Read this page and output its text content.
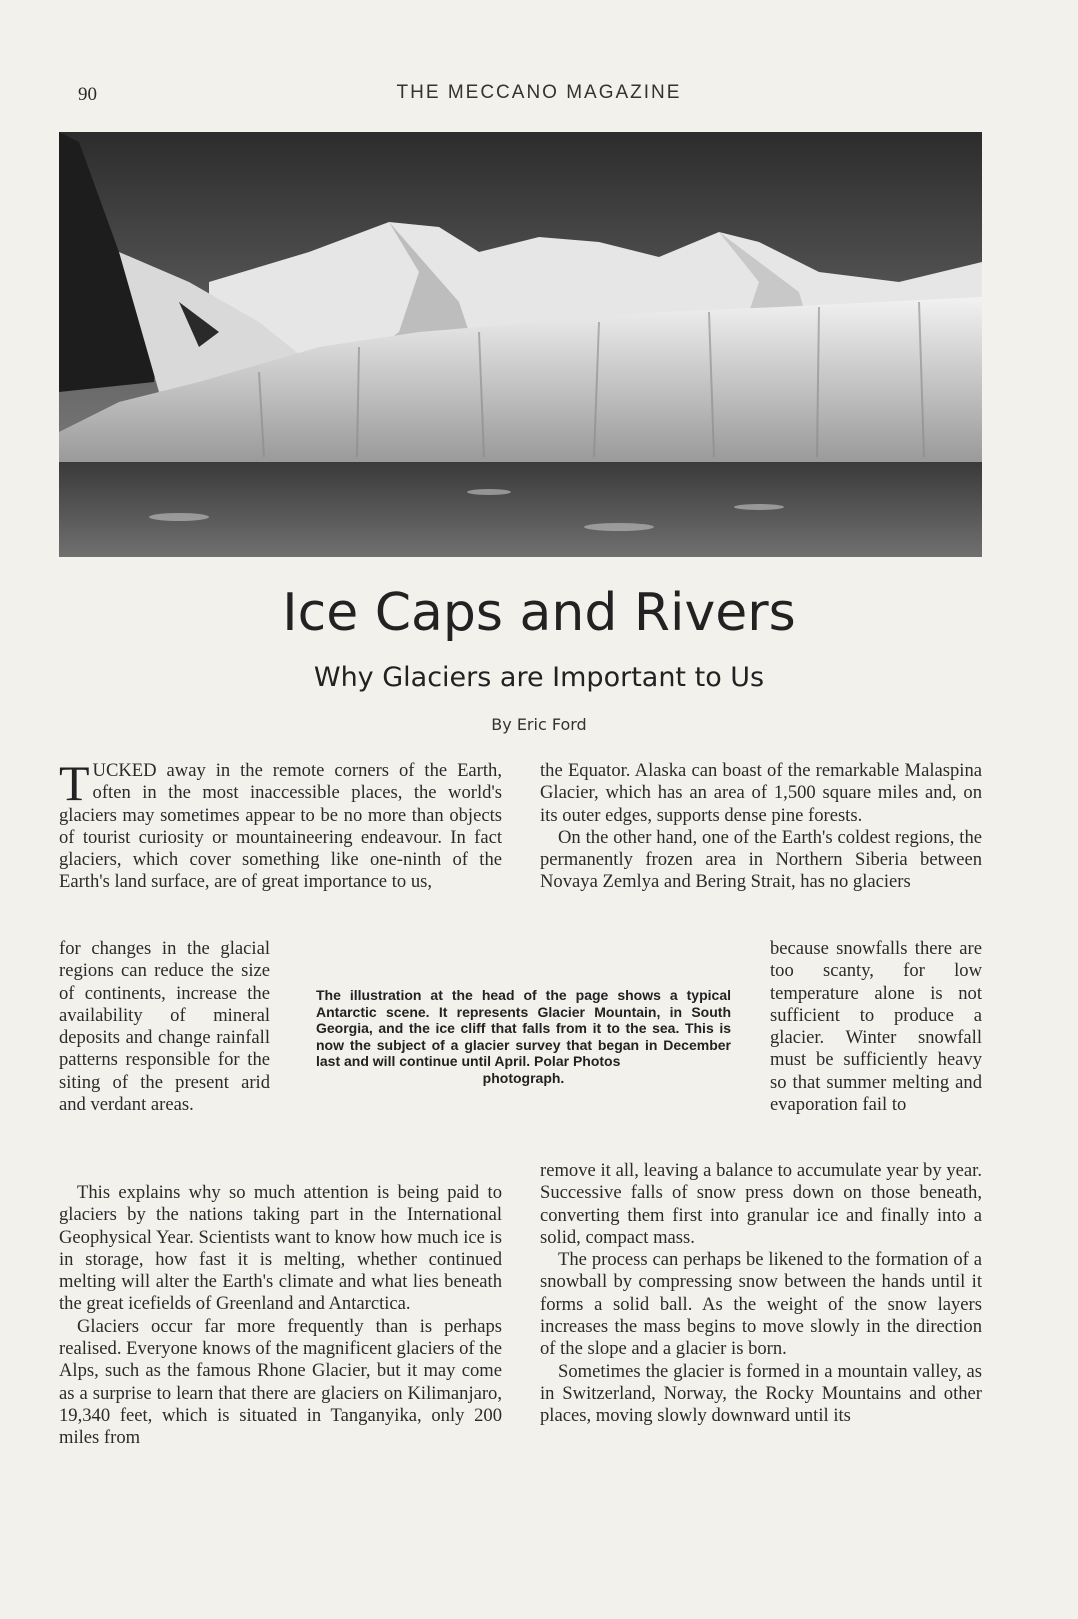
90	THE MECCANO MAGAZINE
Ice Caps and Rivers
Why Glaciers are Important to Us
By Eric Ford

TUCKED away in the remote corners of the Earth, often in the most inaccessible places, the world's glaciers may sometimes appear to be no more than objects of tourist curiosity or mountaineering endeavour. In fact glaciers, which cover something like one-ninth of the Earth's land surface, are of great importance to us,

for changes in the glacial regions can reduce the size of continents, increase the availability of mineral deposits and change rainfall patterns responsible for the siting of the present arid and verdant areas.

This explains why so much attention is being paid to glaciers by the nations taking part in the International Geophysical Year. Scientists want to know how much ice is in storage, how fast it is melting, whether continued melting will alter the Earth's climate and what lies beneath the great icefields of Greenland and Antarctica.

Glaciers occur far more frequently than is perhaps realised. Everyone knows of the magnificent glaciers of the Alps, such as the famous Rhone Glacier, but it may come as a surprise to learn that there are glaciers on Kilimanjaro, 19,340 feet, which is situated in Tanganyika, only 200 miles from

The illustration at the head of the page shows a typical Antarctic scene. It represents Glacier Mountain, in South Georgia, and the ice cliff that falls from it to the sea. This is now the subject of a glacier survey that began in December last and will continue until April. Polar Photos
photograph.

the Equator. Alaska can boast of the remarkable Malaspina Glacier, which has an area of 1,500 square miles and, on its outer edges, supports dense pine forests.

On the other hand, one of the Earth's coldest regions, the permanently frozen area in Northern Siberia between Novaya Zemlya and Bering Strait, has no glaciers

because snowfalls there are too scanty, for low temperature alone is not sufficient to produce a glacier. Winter snowfall must be sufficiently heavy so that summer melting and evaporation fail to

remove it all, leaving a balance to accumulate year by year. Successive falls of snow press down on those beneath, converting them first into granular ice and finally into a solid, compact mass.

The process can perhaps be likened to the formation of a snowball by compressing snow between the hands until it forms a solid ball. As the weight of the snow layers increases the mass begins to move slowly in the direction of the slope and a glacier is born.

Sometimes the glacier is formed in a mountain valley, as in Switzerland, Norway, the Rocky Mountains and other places, moving slowly downward until its
